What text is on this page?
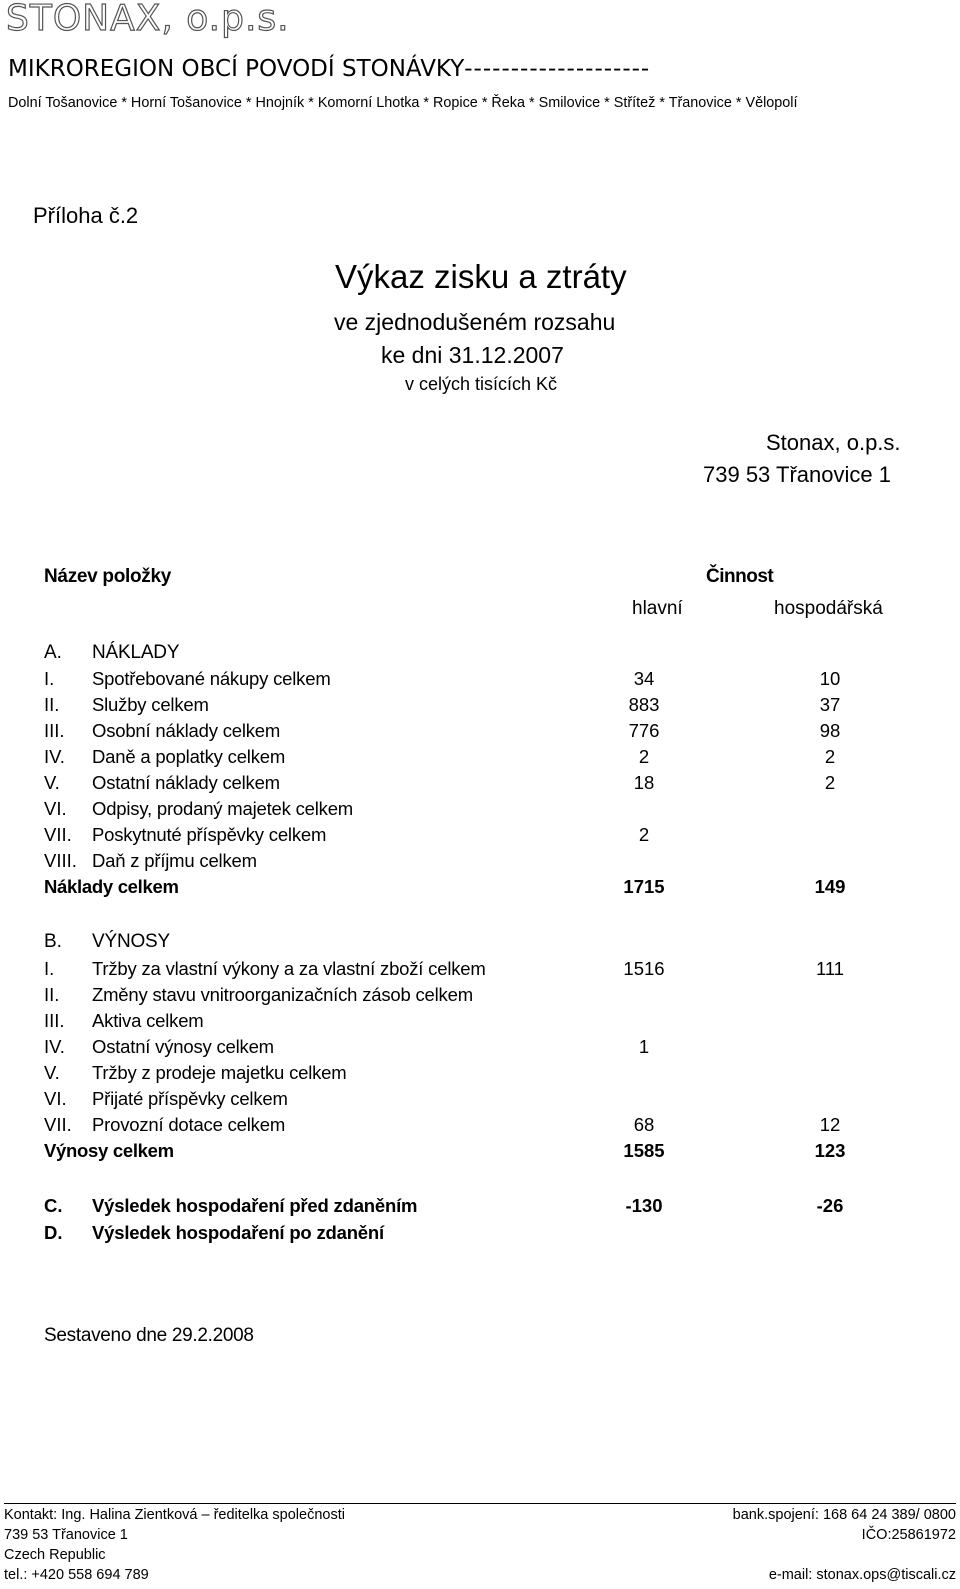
STONAX, o.p.s.
MIKROREGION OBCÍ POVODÍ STONÁVKY--------------------
Dolní Tošanovice * Horní Tošanovice * Hnojník * Komorní Lhotka * Ropice * Řeka * Smilovice * Střítež * Třanovice * Vělopolí
Příloha č.2
Výkaz zisku a ztráty
ve zjednodušeném rozsahu
ke dni 31.12.2007
v celých tisících Kč
Stonax, o.p.s.
739 53 Třanovice 1
Název položky	Činnost
hlavní	hospodářská
A. NÁKLADY
I. Spotřebované nákupy celkem	34	10
II. Služby celkem	883	37
III. Osobní náklady celkem	776	98
IV. Daně a poplatky celkem	2	2
V. Ostatní náklady celkem	18	2
VI. Odpisy, prodaný majetek celkem
VII. Poskytnuté příspěvky celkem	2
VIII. Daň z příjmu celkem
Náklady celkem	1715	149
B. VÝNOSY
I. Tržby za vlastní výkony a za vlastní zboží celkem	1516	111
II. Změny stavu vnitroorganizačních zásob celkem
III. Aktiva celkem
IV. Ostatní výnosy celkem	1
V. Tržby z prodeje majetku celkem
VI. Přijaté příspěvky celkem
VII. Provozní dotace celkem	68	12
Výnosy celkem	1585	123
C. Výsledek hospodaření před zdaněním	-130	-26
D. Výsledek hospodaření po zdanění
Sestaveno dne 29.2.2008
Kontakt: Ing. Halina Zientková – ředitelka společnosti
739 53 Třanovice 1
Czech Republic
tel.: +420 558 694 789
bank.spojení: 168 64 24 389/ 0800
IČO:25861972
e-mail: stonax.ops@tiscali.cz
